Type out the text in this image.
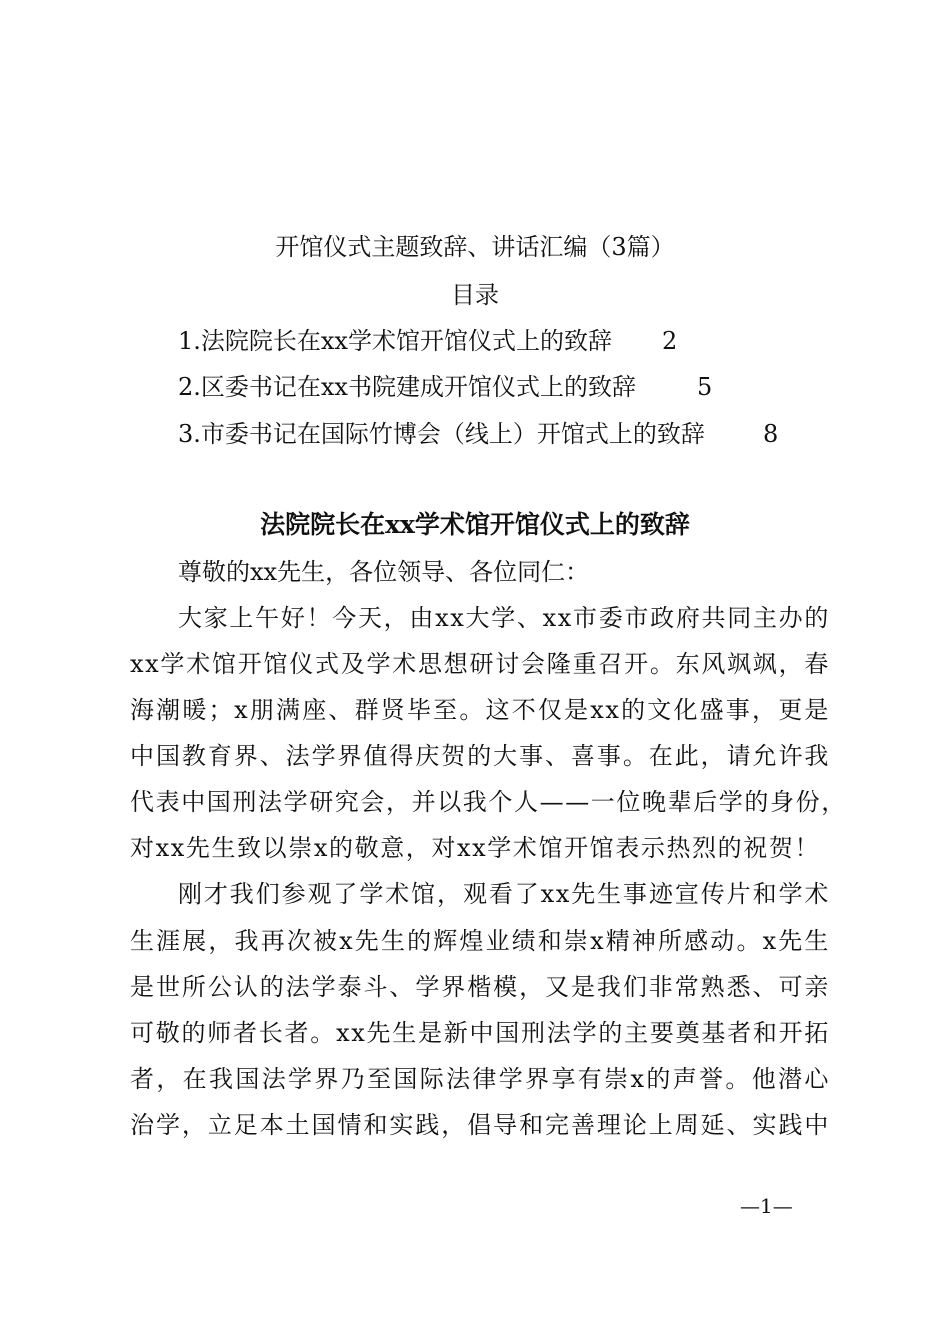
开馆仪式主题致辞、讲话汇编（3篇）
目录
1.法院院长在xx学术馆开馆仪式上的致辞 2
2.区委书记在xx书院建成开馆仪式上的致辞	5
3.市委书记在国际竹博会（线上）开馆式上的致辞 8
法院院长在xx学术馆开馆仪式上的致辞
尊敬的xx先生，各位领导、各位同仁：
大家上午好！今天，由xx大学、xx市委市政府共同主办的
xx学术馆开馆仪式及学术思想研讨会隆重召开。东风飒飒，春
海潮暖；x朋满座、群贤毕至。这不仅是xx的文化盛事，更是
中国教育界、法学界值得庆贺的大事、喜事。在此，请允许我
代表中国刑法学研究会，并以我个人——一位晚辈后学的身份，
对xx先生致以崇x的敬意，对xx学术馆开馆表示热烈的祝贺！
刚才我们参观了学术馆，观看了xx先生事迹宣传片和学术
生涯展，我再次被x先生的辉煌业绩和崇x精神所感动。x先生
是世所公认的法学泰斗、学界楷模，又是我们非常熟悉、可亲
可敬的师者长者。xx先生是新中国刑法学的主要奠基者和开拓
者，在我国法学界乃至国际法律学界享有崇x的声誉。他潜心
治学，立足本土国情和实践，倡导和完善理论上周延、实践中
—1—
